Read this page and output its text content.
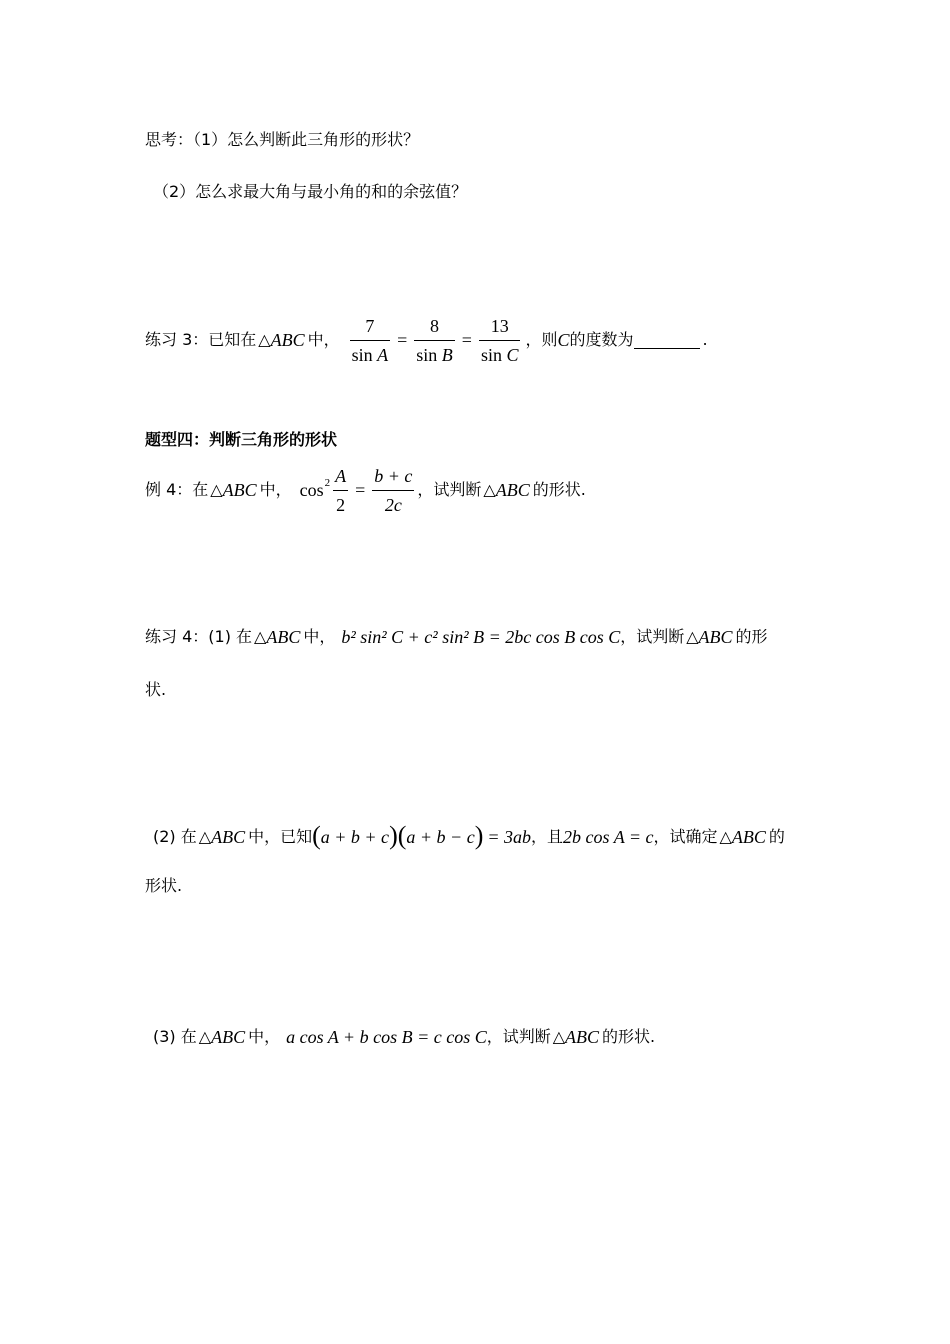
思考：（1）怎么判断此三角形的形状？
（2）怎么求最大角与最小角的和的余弦值？
练习 3：已知在 △ ABC 中， $\frac{7}{\text{sin A}} = \frac{8}{\text{sin B}} = \frac{13}{\text{sin C}}$ ，则 C 的度数为	.
题型四：判断三角形的形状
例 4：在 △ ABC 中， $\cos 2 \frac{A}{2} = \frac{b + c}{2c}$ ，试判断 △ ABC 的形状.
练习 4：(1) 在 △ ABC 中， b² sin² C + c² sin² B = 2bc cos B cos C ，试判断 △ ABC 的形
状.
(2) 在 △ ABC 中，已知 ( a + b + c ) ( a + b − c ) = 3ab ，且 2b cos A = c ，试确定 △ ABC 的
形状.
(3) 在 △ ABC 中， a cos A + b cos B = c cos C ，试判断 △ ABC 的形状.
